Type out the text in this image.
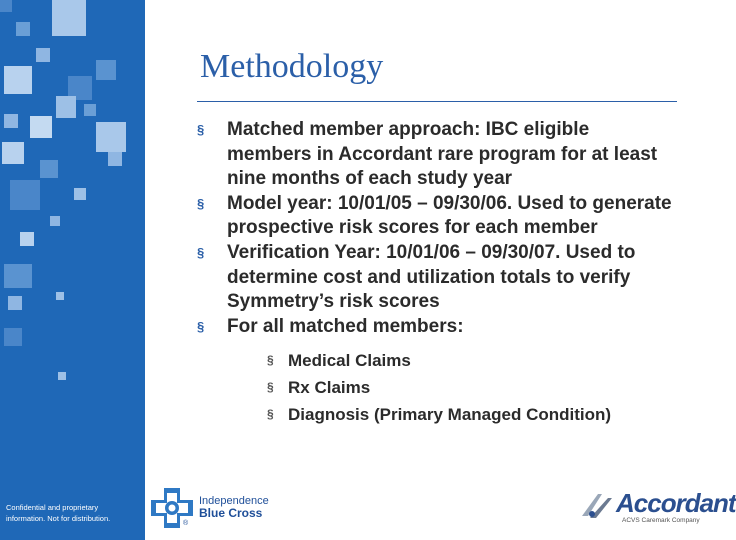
Confidential and proprietary information. Not for distribution.
Methodology
§ Matched member approach: IBC eligible members in Accordant rare program for at least nine months of each study year
§ Model year: 10/01/05 – 09/30/06. Used to generate prospective risk scores for each member
§ Verification Year: 10/01/06 – 09/30/07. Used to determine cost and utilization totals to verify Symmetry’s risk scores
§ For all matched members:
§ Medical Claims
§ Rx Claims
§ Diagnosis (Primary Managed Condition)
®
Independence
Blue Cross	Accordant
ACVS Caremark Company
